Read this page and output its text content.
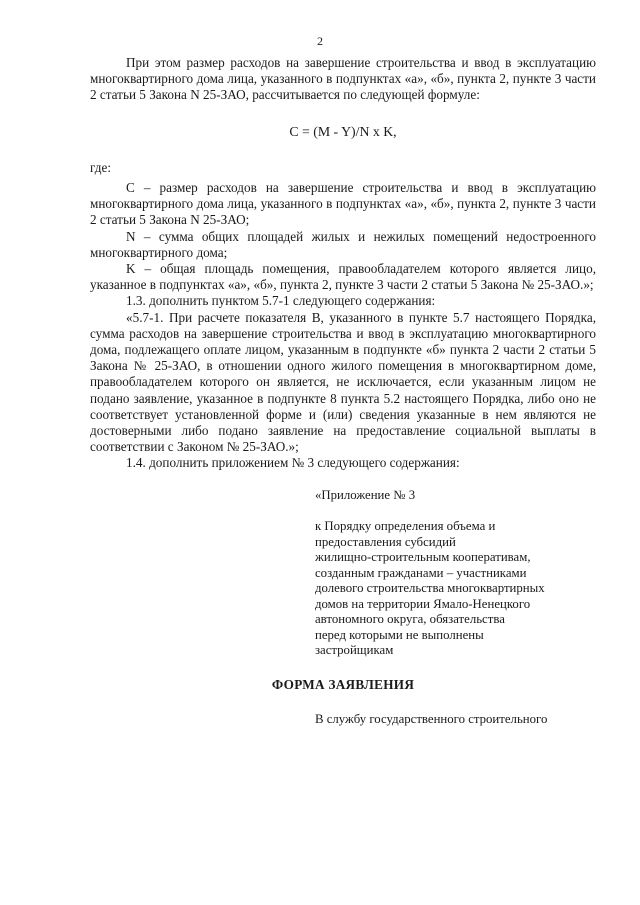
2

При этом размер расходов на завершение строительства и ввод в эксплуатацию многоквартирного дома лица, указанного в подпунктах «а», «б», пункта 2, пункте 3 части 2 статьи 5 Закона N 25-ЗАО, рассчитывается по следующей формуле:

C = (M - Y)/N x K,

где:

C – размер расходов на завершение строительства и ввод в эксплуатацию многоквартирного дома лица, указанного в подпунктах «а», «б», пункта 2, пункте 3 части 2 статьи 5 Закона N 25-ЗАО;

N – сумма общих площадей жилых и нежилых помещений недостроенного многоквартирного дома;

K – общая площадь помещения, правообладателем которого является лицо, указанное в подпунктах «а», «б», пункта 2, пункте 3 части 2 статьи 5 Закона № 25-ЗАО.»;

1.3. дополнить пунктом 5.7-1 следующего содержания:

«5.7-1. При расчете показателя В, указанного в пункте 5.7 настоящего Порядка, сумма расходов на завершение строительства и ввод в эксплуатацию многоквартирного дома, подлежащего оплате лицом, указанным в подпункте «б» пункта 2 части 2 статьи 5 Закона № 25-ЗАО, в отношении одного жилого помещения в многоквартирном доме, правообладателем которого он является, не исключается, если указанным лицом не подано заявление, указанное в подпункте 8 пункта 5.2 настоящего Порядка, либо оно не соответствует установленной форме и (или) сведения указанные в нем являются не достоверными либо подано заявление на предоставление социальной выплаты в соответствии с Законом № 25-ЗАО.»;

1.4. дополнить приложением № 3 следующего содержания:

«Приложение № 3
к Порядку определения объема и
предоставления субсидий
жилищно-строительным кооперативам,
созданным гражданами – участниками
долевого строительства многоквартирных
домов на территории Ямало-Ненецкого
автономного округа, обязательства
перед которыми не выполнены
застройщикам
ФОРМА ЗАЯВЛЕНИЯ
В службу государственного строительного
